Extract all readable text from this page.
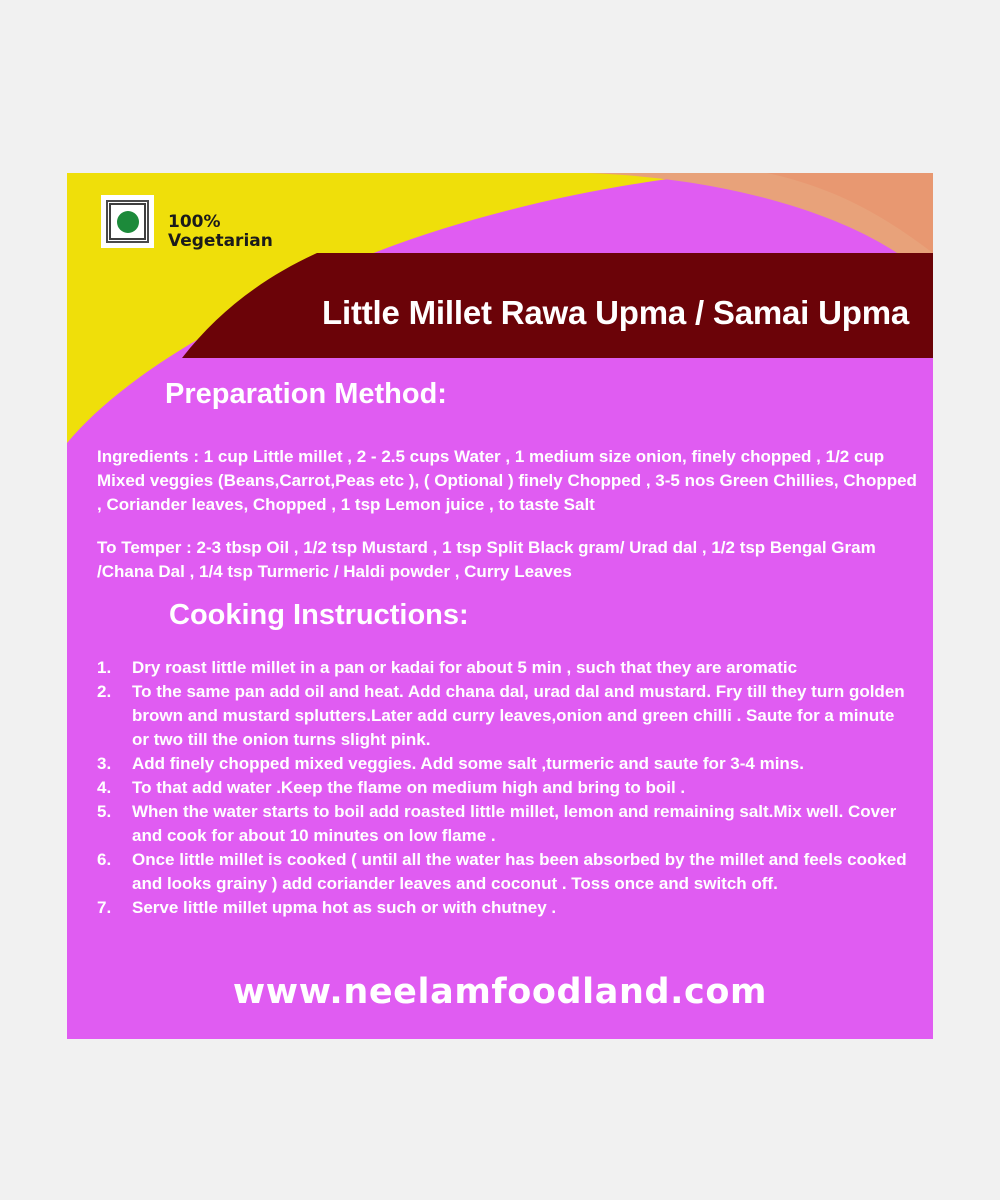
100%
Vegetarian
Little Millet Rawa Upma / Samai Upma
Preparation Method:

Ingredients : 1 cup Little millet , 2 - 2.5 cups Water , 1 medium size onion, finely chopped , 1/2 cup Mixed veggies (Beans,Carrot,Peas etc ), ( Optional ) finely Chopped , 3-5 nos Green Chillies, Chopped , Coriander leaves, Chopped , 1 tsp Lemon juice , to taste Salt

To Temper : 2-3 tbsp Oil , 1/2 tsp Mustard , 1 tsp Split Black gram/ Urad dal , 1/2 tsp Bengal Gram /Chana Dal , 1/4 tsp Turmeric / Haldi powder , Curry Leaves

Cooking Instructions:
1. Dry roast little millet in a pan or kadai for about 5 min , such that they are aromatic
2. To the same pan add oil and heat. Add chana dal, urad dal and mustard. Fry till they turn golden brown and mustard splutters.Later add curry leaves,onion and green chilli . Saute for a minute or two till the onion turns slight pink.
3. Add finely chopped mixed veggies. Add some salt ,turmeric and saute for 3-4 mins.
4. To that add water .Keep the flame on medium high and bring to boil .
5. When the water starts to boil add roasted little millet, lemon and remaining salt.Mix well. Cover and cook for about 10 minutes on low flame .
6. Once little millet is cooked ( until all the water has been absorbed by the millet and feels cooked and looks grainy ) add coriander leaves and coconut . Toss once and switch off.
7. Serve little millet upma hot as such or with chutney .

www.neelamfoodland.com
